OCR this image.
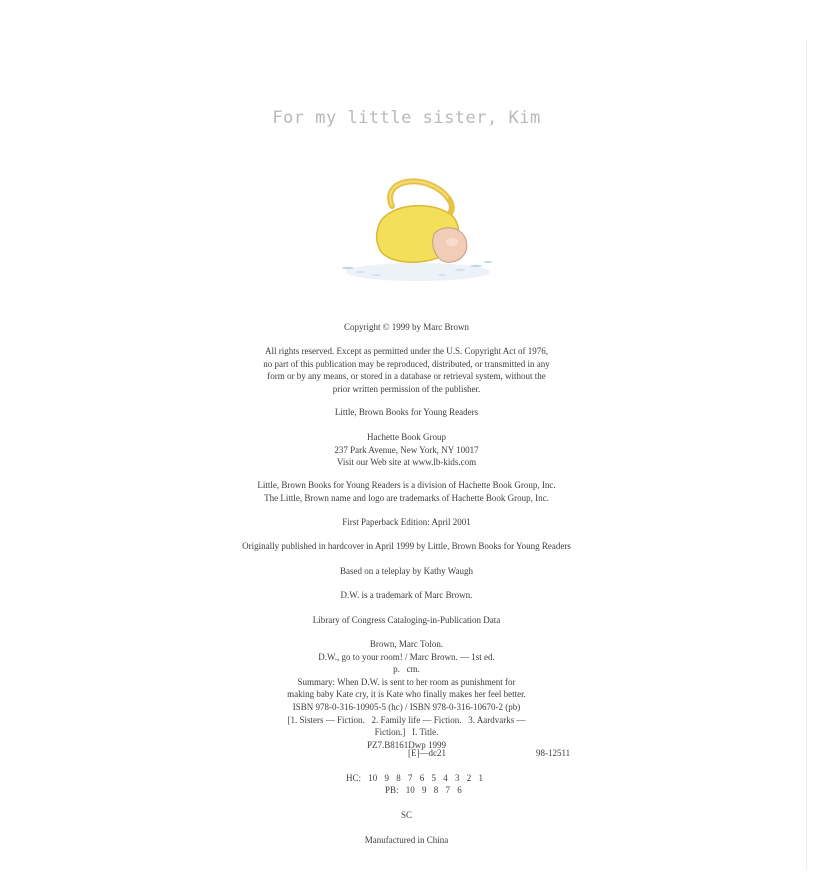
For my little sister, Kim
Copyright © 1999 by Marc Brown
All rights reserved. Except as permitted under the U.S. Copyright Act of 1976,
no part of this publication may be reproduced, distributed, or transmitted in any
form or by any means, or stored in a database or retrieval system, without the
prior written permission of the publisher.
Little, Brown Books for Young Readers
Hachette Book Group
237 Park Avenue, New York, NY 10017
Visit our Web site at www.lb-kids.com
Little, Brown Books for Young Readers is a division of Hachette Book Group, Inc.
The Little, Brown name and logo are trademarks of Hachette Book Group, Inc.
First Paperback Edition: April 2001
Originally published in hardcover in April 1999 by Little, Brown Books for Young Readers
Based on a teleplay by Kathy Waugh
D.W. is a trademark of Marc Brown.
Library of Congress Cataloging-in-Publication Data
Brown, Marc Tolon.
D.W., go to your room! / Marc Brown. — 1st ed.
p.   cm.
Summary: When D.W. is sent to her room as punishment for
making baby Kate cry, it is Kate who finally makes her feel better.
ISBN 978-0-316-10905-5 (hc) / ISBN 978-0-316-10670-2 (pb)
[1. Sisters — Fiction.   2. Family life — Fiction.   3. Aardvarks —
Fiction.]   I. Title.
PZ7.B8161Dwp 1999
[E]—dc21	98-12511
HC: 10 9 8 7 6 5 4 3 2 1
PB: 10 9 8 7 6
SC
Manufactured in China
